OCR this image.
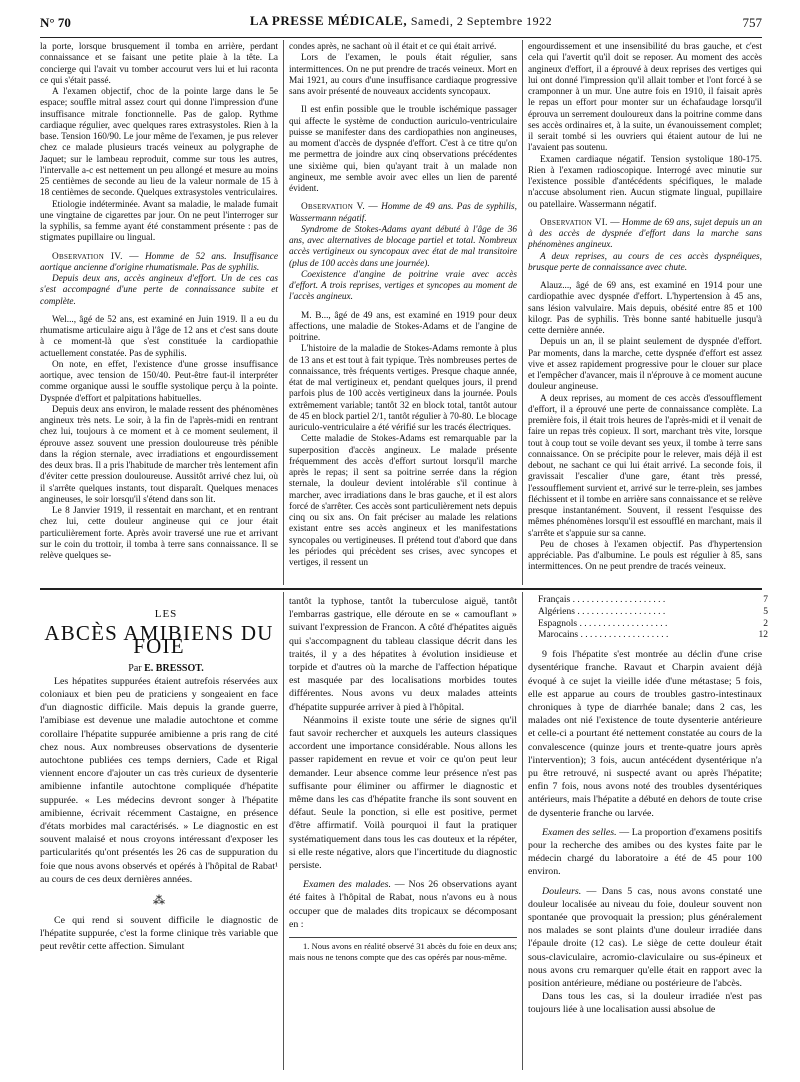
N° 70	LA PRESSE MÉDICALE, Samedi, 2 Septembre 1922	757

la porte, lorsque brusquement il tomba en arrière, perdant connaissance et se faisant une petite plaie à la tête. La concierge qui l'avait vu tomber accourut vers lui et lui raconta ce qui s'était passé.

A l'examen objectif, choc de la pointe large dans le 5e espace; souffle mitral assez court qui donne l'impression d'une insuffisance mitrale fonctionnelle. Pas de galop. Rythme cardiaque régulier, avec quelques rares extrasystoles. Rien à la base. Tension 160/90. Le jour même de l'examen, je pus relever chez ce malade plusieurs tracés veineux au polygraphe de Jaquet; sur le lambeau reproduit, comme sur tous les autres, l'intervalle a-c est nettement un peu allongé et mesure au moins 25 centièmes de seconde au lieu de la valeur normale de 15 à 18 centièmes de seconde. Quelques extrasystoles ventriculaires.

Etiologie indéterminée. Avant sa maladie, le malade fumait une vingtaine de cigarettes par jour. On ne peut l'interroger sur la syphilis, sa femme ayant été constamment présente : pas de stigmates pupillaire ou lingual.

Observation IV. — Homme de 52 ans. Insuffisance aortique ancienne d'origine rhumatismale. Pas de syphilis.

Depuis deux ans, accès angineux d'effort. Un de ces cas s'est accompagné d'une perte de connaissance subite et complète.

Wel..., âgé de 52 ans, est examiné en Juin 1919. Il a eu du rhumatisme articulaire aigu à l'âge de 12 ans et c'est sans doute à ce moment-là que s'est constituée la cardiopathie actuellement constatée. Pas de syphilis.

On note, en effet, l'existence d'une grosse insuffisance aortique, avec tension de 150/40. Peut-être faut-il interpréter comme organique aussi le souffle systolique perçu à la pointe. Dyspnée d'effort et palpitations habituelles.

Depuis deux ans environ, le malade ressent des phénomènes angineux très nets. Le soir, à la fin de l'après-midi en rentrant chez lui, toujours à ce moment et à ce moment seulement, il éprouve assez souvent une pression douloureuse très pénible dans la région sternale, avec irradiations et engourdissement des deux bras. Il a pris l'habitude de marcher très lentement afin d'éviter cette pression douloureuse. Aussitôt arrivé chez lui, où il s'arrête quelques instants, tout disparaît. Quelques menaces angineuses, le soir lorsqu'il s'étend dans son lit.

Le 8 Janvier 1919, il ressentait en marchant, et en rentrant chez lui, cette douleur angineuse qui ce jour était particulièrement forte. Après avoir traversé une rue et arrivant sur le coin du trottoir, il tomba à terre sans connaissance. Il se relève quelques se-

condes après, ne sachant où il était et ce qui était arrivé.

Lors de l'examen, le pouls était régulier, sans intermittences. On ne put prendre de tracés veineux. Mort en Mai 1921, au cours d'une insuffisance cardiaque progressive sans avoir présenté de nouveaux accidents syncopaux.

Il est enfin possible que le trouble ischémique passager qui affecte le système de conduction auriculo-ventriculaire puisse se manifester dans des cardiopathies non angineuses, au moment d'accès de dyspnée d'effort. C'est à ce titre qu'on me permettra de joindre aux cinq observations précédentes une sixième qui, bien qu'ayant trait à un malade non angineux, me semble avoir avec elles un lien de parenté évident.

Observation V. — Homme de 49 ans. Pas de syphilis, Wassermann négatif.

Syndrome de Stokes-Adams ayant débuté à l'âge de 36 ans, avec alternatives de blocage partiel et total. Nombreux accès vertigineux ou syncopaux avec état de mal transitoire (plus de 100 accès dans une journée).

Coexistence d'angine de poitrine vraie avec accès d'effort. A trois reprises, vertiges et syncopes au moment de l'accès angineux.

M. B..., âgé de 49 ans, est examiné en 1919 pour deux affections, une maladie de Stokes-Adams et de l'angine de poitrine.

L'histoire de la maladie de Stokes-Adams remonte à plus de 13 ans et est tout à fait typique. Très nombreuses pertes de connaissance, très fréquents vertiges. Presque chaque année, état de mal vertigineux et, pendant quelques jours, il prend parfois plus de 100 accès vertigineux dans la journée. Pouls extrêmement variable; tantôt 32 en block total, tantôt autour de 45 en block partiel 2/1, tantôt régulier à 70-80. Le blocage auriculo-ventriculaire a été vérifié sur les tracés électriques.

Cette maladie de Stokes-Adams est remarquable par la superposition d'accès angineux. Le malade présente fréquemment des accès d'effort surtout lorsqu'il marche après le repas; il sent sa poitrine serrée dans la région sternale, la douleur devient intolérable s'il continue à marcher, avec irradiations dans le bras gauche, et il est alors forcé de s'arrêter. Ces accès sont particulièrement nets depuis cinq ou six ans. On fait préciser au malade les relations existant entre ses accès angineux et les manifestations syncopales ou vertigineuses. Il prétend tout d'abord que dans les périodes qui précèdent ses crises, avec syncopes et vertiges, il ressent un

engourdissement et une insensibilité du bras gauche, et c'est cela qui l'avertit qu'il doit se reposer. Au moment des accès angineux d'effort, il a éprouvé à deux reprises des vertiges qui lui ont donné l'impression qu'il allait tomber et l'ont forcé à se cramponner à un mur. Une autre fois en 1910, il faisait après le repas un effort pour monter sur un échafaudage lorsqu'il éprouva un serrement douloureux dans la poitrine comme dans ses accès ordinaires et, à la suite, un évanouissement complet; il serait tombé si les ouvriers qui étaient autour de lui ne l'avaient pas soutenu.

Examen cardiaque négatif. Tension systolique 180-175. Rien à l'examen radioscopique. Interrogé avec minutie sur l'existence possible d'antécédents spécifiques, le malade n'accuse absolument rien. Aucun stigmate lingual, pupillaire ou patellaire. Wassermann négatif.

Observation VI. — Homme de 69 ans, sujet depuis un an à des accès de dyspnée d'effort dans la marche sans phénomènes angineux.

A deux reprises, au cours de ces accès dyspnéiques, brusque perte de connaissance avec chute.

Alauz..., âgé de 69 ans, est examiné en 1914 pour une cardiopathie avec dyspnée d'effort. L'hypertension à 45 ans, sans lésion valvulaire. Mais depuis, obésité entre 85 et 100 kilogr. Pas de syphilis. Très bonne santé habituelle jusqu'à cette dernière année.

Depuis un an, il se plaint seulement de dyspnée d'effort. Par moments, dans la marche, cette dyspnée d'effort est assez vive et assez rapidement progressive pour le clouer sur place et l'empêcher d'avancer, mais il n'éprouve à ce moment aucune douleur angineuse.

A deux reprises, au moment de ces accès d'essoufflement d'effort, il a éprouvé une perte de connaissance complète. La première fois, il était trois heures de l'après-midi et il venait de faire un repas très copieux. Il sort, marchant très vite, lorsque tout à coup tout se voile devant ses yeux, il tombe à terre sans connaissance. On se précipite pour le relever, mais déjà il est debout, ne sachant ce qui lui était arrivé. La seconde fois, il gravissait l'escalier d'une gare, étant très pressé, l'essoufflement survient et, arrivé sur le terre-plein, ses jambes fléchissent et il tombe en arrière sans connaissance et se relève presque instantanément. Souvent, il ressent l'esquisse des mêmes phénomènes lorsqu'il est essoufflé en marchant, mais il s'arrête et s'appuie sur sa canne.

Peu de choses à l'examen objectif. Pas d'hypertension appréciable. Pas d'albumine. Le pouls est régulier à 85, sans intermittences. On ne peut prendre de tracés veineux.

LES

ABCÈS AMIBIENS DU FOIE

Par E. BRESSOT.

Les hépatites suppurées étaient autrefois réservées aux coloniaux et bien peu de praticiens y songeaient en face d'un diagnostic difficile. Mais depuis la grande guerre, l'amibiase est devenue une maladie autochtone et comme corollaire l'hépatite suppurée amibienne a pris rang de cité chez nous. Aux nombreuses observations de dysenterie autochtone publiées ces temps derniers, Cade et Rigal viennent encore d'ajouter un cas très curieux de dysenterie amibienne infantile autochtone compliquée d'hépatite suppurée. « Les médecins devront songer à l'hépatite amibienne, écrivait récemment Castaigne, en présence d'états morbides mal caractérisés. » Le diagnostic en est souvent malaisé et nous croyons intéressant d'exposer les particularités qu'ont présentés les 26 cas de suppuration du foie que nous avons observés et opérés à l'hôpital de Rabat¹ au cours de ces deux dernières années.

⁂

Ce qui rend si souvent difficile le diagnostic de l'hépatite suppurée, c'est la forme clinique très variable que peut revêtir cette affection. Simulant

tantôt la typhose, tantôt la tuberculose aiguë, tantôt l'embarras gastrique, elle déroute en se « camouflant » suivant l'expression de Francon. A côté d'hépatites aiguës qui s'accompagnent du tableau classique décrit dans les traités, il y a des hépatites à évolution insidieuse et torpide et d'autres où la marche de l'affection hépatique est masquée par des localisations morbides toutes différentes. Nous avons vu deux malades atteints d'hépatite suppurée arriver à pied à l'hôpital.

Néanmoins il existe toute une série de signes qu'il faut savoir rechercher et auxquels les auteurs classiques accordent une importance considérable. Nous allons les passer rapidement en revue et voir ce qu'on peut leur demander. Leur absence comme leur présence n'est pas suffisante pour éliminer ou affirmer le diagnostic et même dans les cas d'hépatite franche ils sont souvent en défaut. Seule la ponction, si elle est positive, permet d'être affirmatif. Voilà pourquoi il faut la pratiquer systématiquement dans tous les cas douteux et la répéter, si elle reste négative, alors que l'incertitude du diagnostic persiste.

Examen des malades. — Nos 26 observations ayant été faites à l'hôpital de Rabat, nous n'avons eu à nous occuper que de malades dits tropicaux se décomposant en :

1. Nous avons en réalité observé 31 abcès du foie en deux ans; mais nous ne tenons compte que des cas opérés par nous-même.

Français . . . . . . . . . . . . . . . . . . . .	7
Algériens . . . . . . . . . . . . . . . . . . .	5
Espagnols . . . . . . . . . . . . . . . . . . .	2
Marocains . . . . . . . . . . . . . . . . . . .	12

9 fois l'hépatite s'est montrée au déclin d'une crise dysentérique franche. Ravaut et Charpin avaient déjà évoqué à ce sujet la vieille idée d'une métastase; 5 fois, elle est apparue au cours de troubles gastro-intestinaux chroniques à type de diarrhée banale; dans 2 cas, les malades ont nié l'existence de toute dysenterie antérieure et celle-ci a pourtant été nettement constatée au cours de la convalescence (quinze jours et trente-quatre jours après l'intervention); 3 fois, aucun antécédent dysentérique n'a pu être retrouvé, ni suspecté avant ou après l'hépatite; enfin 7 fois, nous avons noté des troubles dysentériques antérieurs, mais l'hépatite a débuté en dehors de toute crise de dysenterie franche ou larvée.

Examen des selles. — La proportion d'examens positifs pour la recherche des amibes ou des kystes faite par le médecin chargé du laboratoire a été de 45 pour 100 environ.

Douleurs. — Dans 5 cas, nous avons constaté une douleur localisée au niveau du foie, douleur souvent non spontanée que provoquait la pression; plus généralement nos malades se sont plaints d'une douleur irradiée dans l'épaule droite (12 cas). Le siège de cette douleur était sous-claviculaire, acromio-claviculaire ou sus-épineux et nous avons cru remarquer qu'elle était en rapport avec la position antérieure, médiane ou postérieure de l'abcès.

Dans tous les cas, si la douleur irradiée n'est pas toujours liée à une localisation aussi absolue de
